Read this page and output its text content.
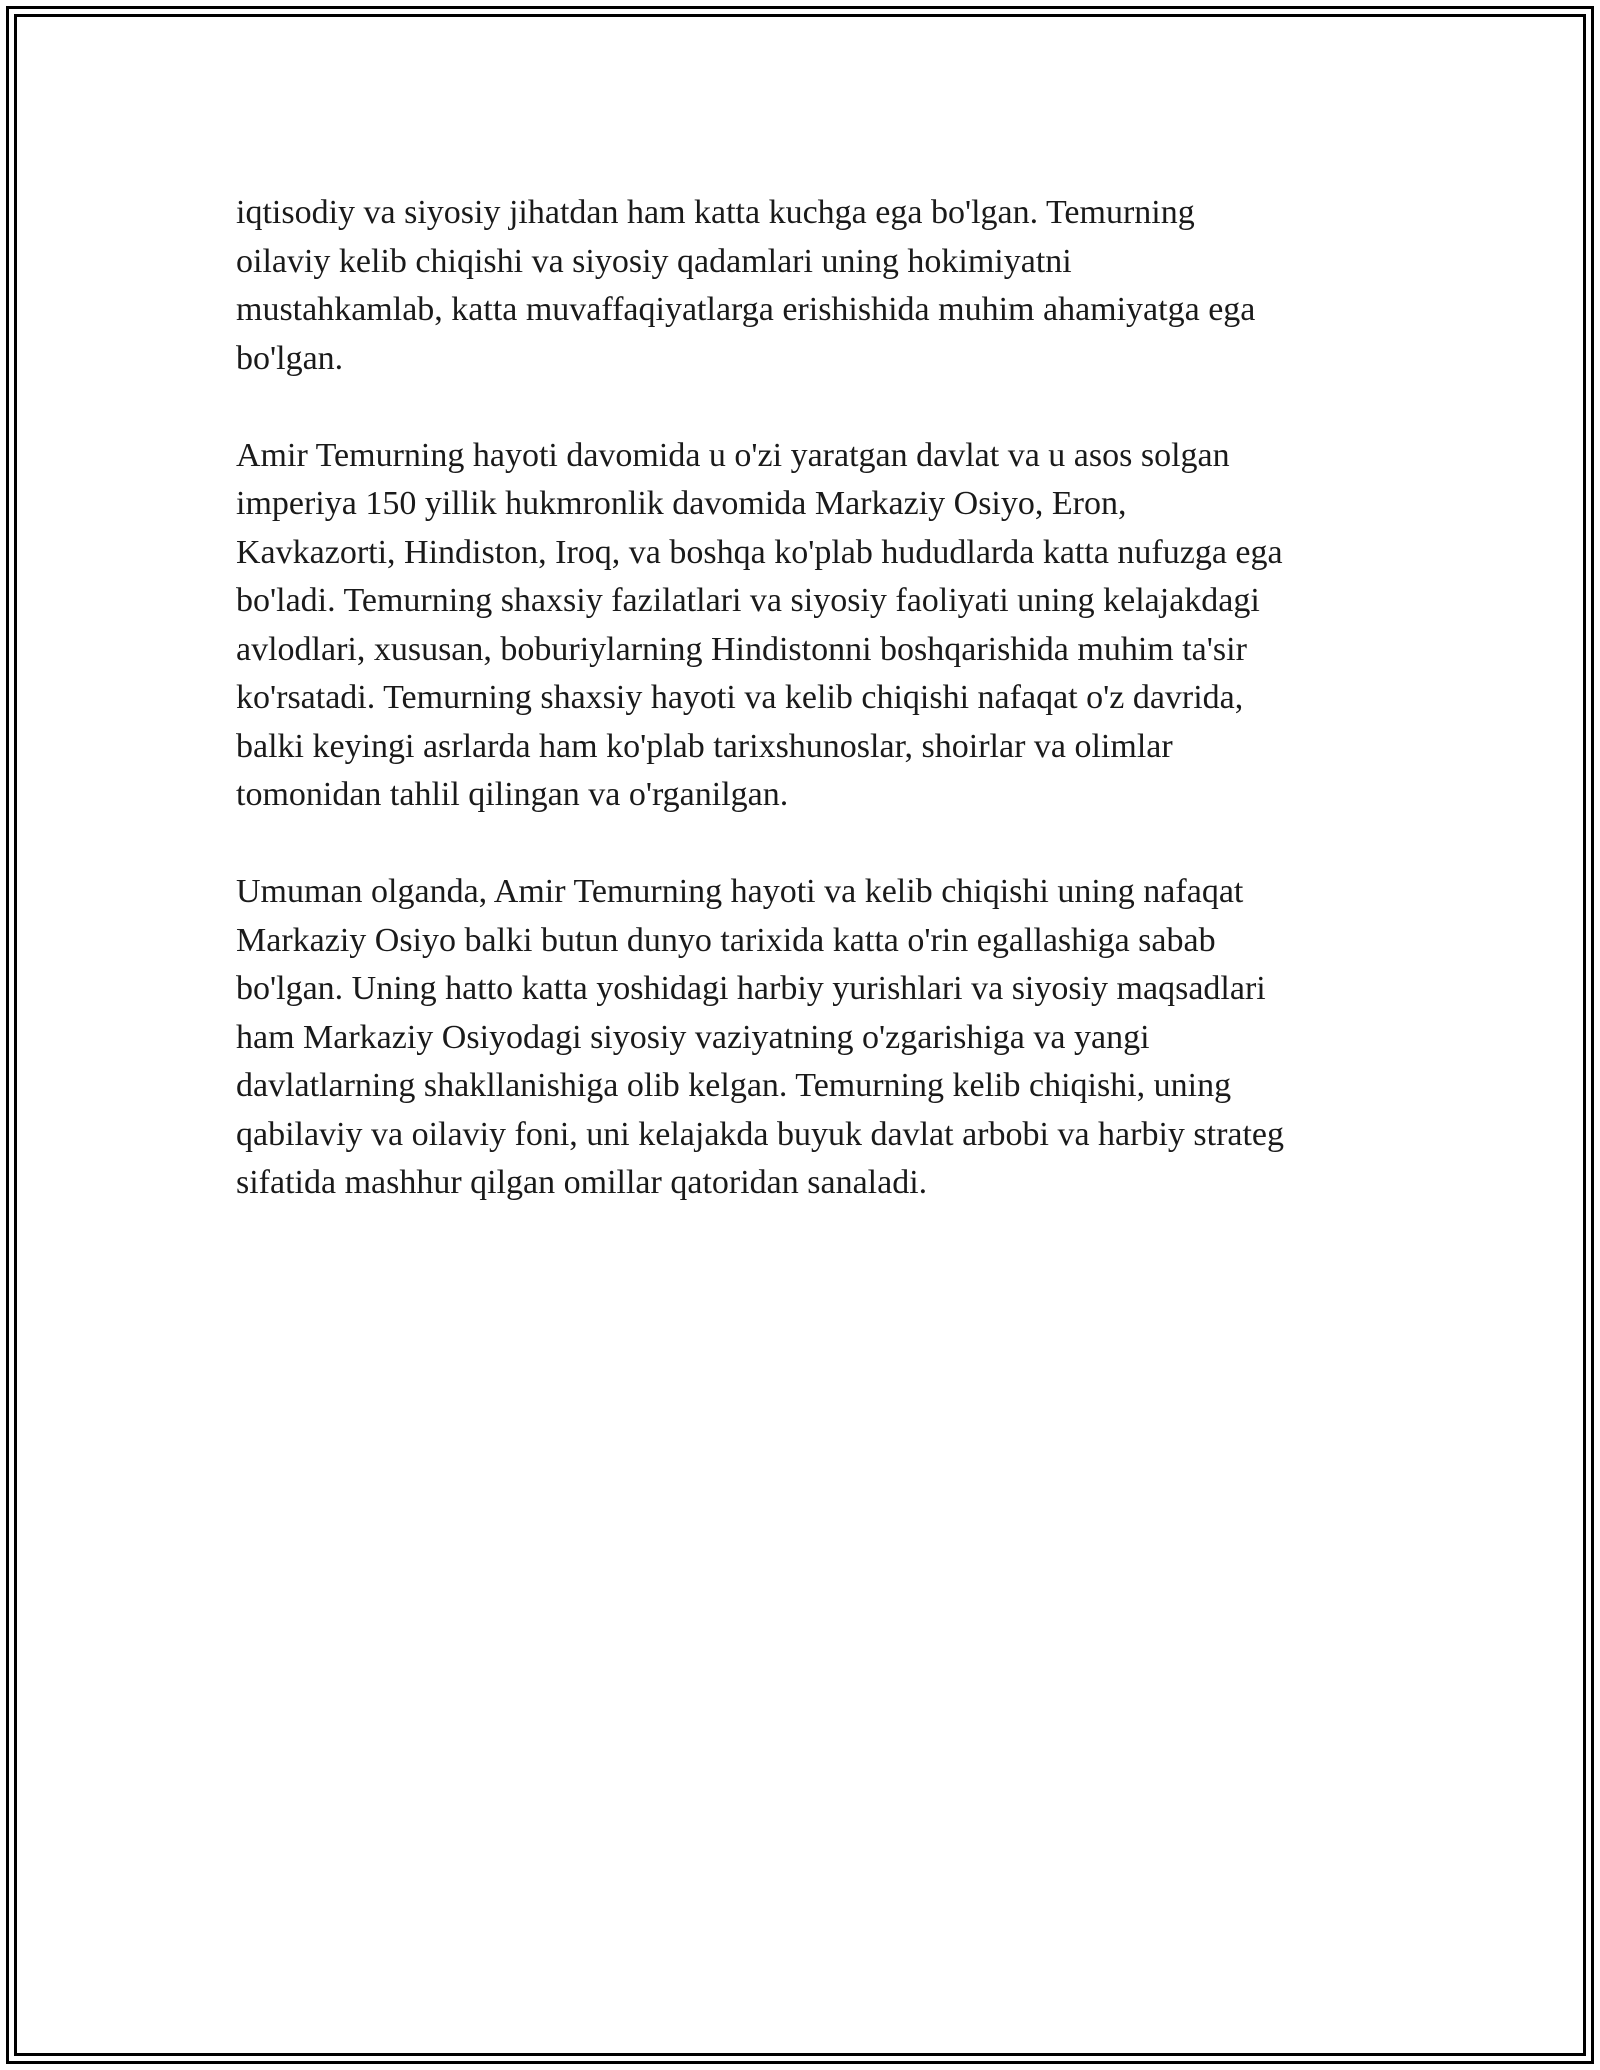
iqtisodiy va siyosiy jihatdan ham katta kuchga ega bo'lgan. Temurning
oilaviy kelib chiqishi va siyosiy qadamlari uning hokimiyatni
mustahkamlab, katta muvaffaqiyatlarga erishishida muhim ahamiyatga ega
bo'lgan.

Amir Temurning hayoti davomida u o'zi yaratgan davlat va u asos solgan
imperiya 150 yillik hukmronlik davomida Markaziy Osiyo, Eron,
Kavkazorti, Hindiston, Iroq, va boshqa ko'plab hududlarda katta nufuzga ega
bo'ladi. Temurning shaxsiy fazilatlari va siyosiy faoliyati uning kelajakdagi
avlodlari, xususan, boburiylarning Hindistonni boshqarishida muhim ta'sir
ko'rsatadi. Temurning shaxsiy hayoti va kelib chiqishi nafaqat o'z davrida,
balki keyingi asrlarda ham ko'plab tarixshunoslar, shoirlar va olimlar
tomonidan tahlil qilingan va o'rganilgan.

Umuman olganda, Amir Temurning hayoti va kelib chiqishi uning nafaqat
Markaziy Osiyo balki butun dunyo tarixida katta o'rin egallashiga sabab
bo'lgan. Uning hatto katta yoshidagi harbiy yurishlari va siyosiy maqsadlari
ham Markaziy Osiyodagi siyosiy vaziyatning o'zgarishiga va yangi
davlatlarning shakllanishiga olib kelgan. Temurning kelib chiqishi, uning
qabilaviy va oilaviy foni, uni kelajakda buyuk davlat arbobi va harbiy strateg
sifatida mashhur qilgan omillar qatoridan sanaladi.
